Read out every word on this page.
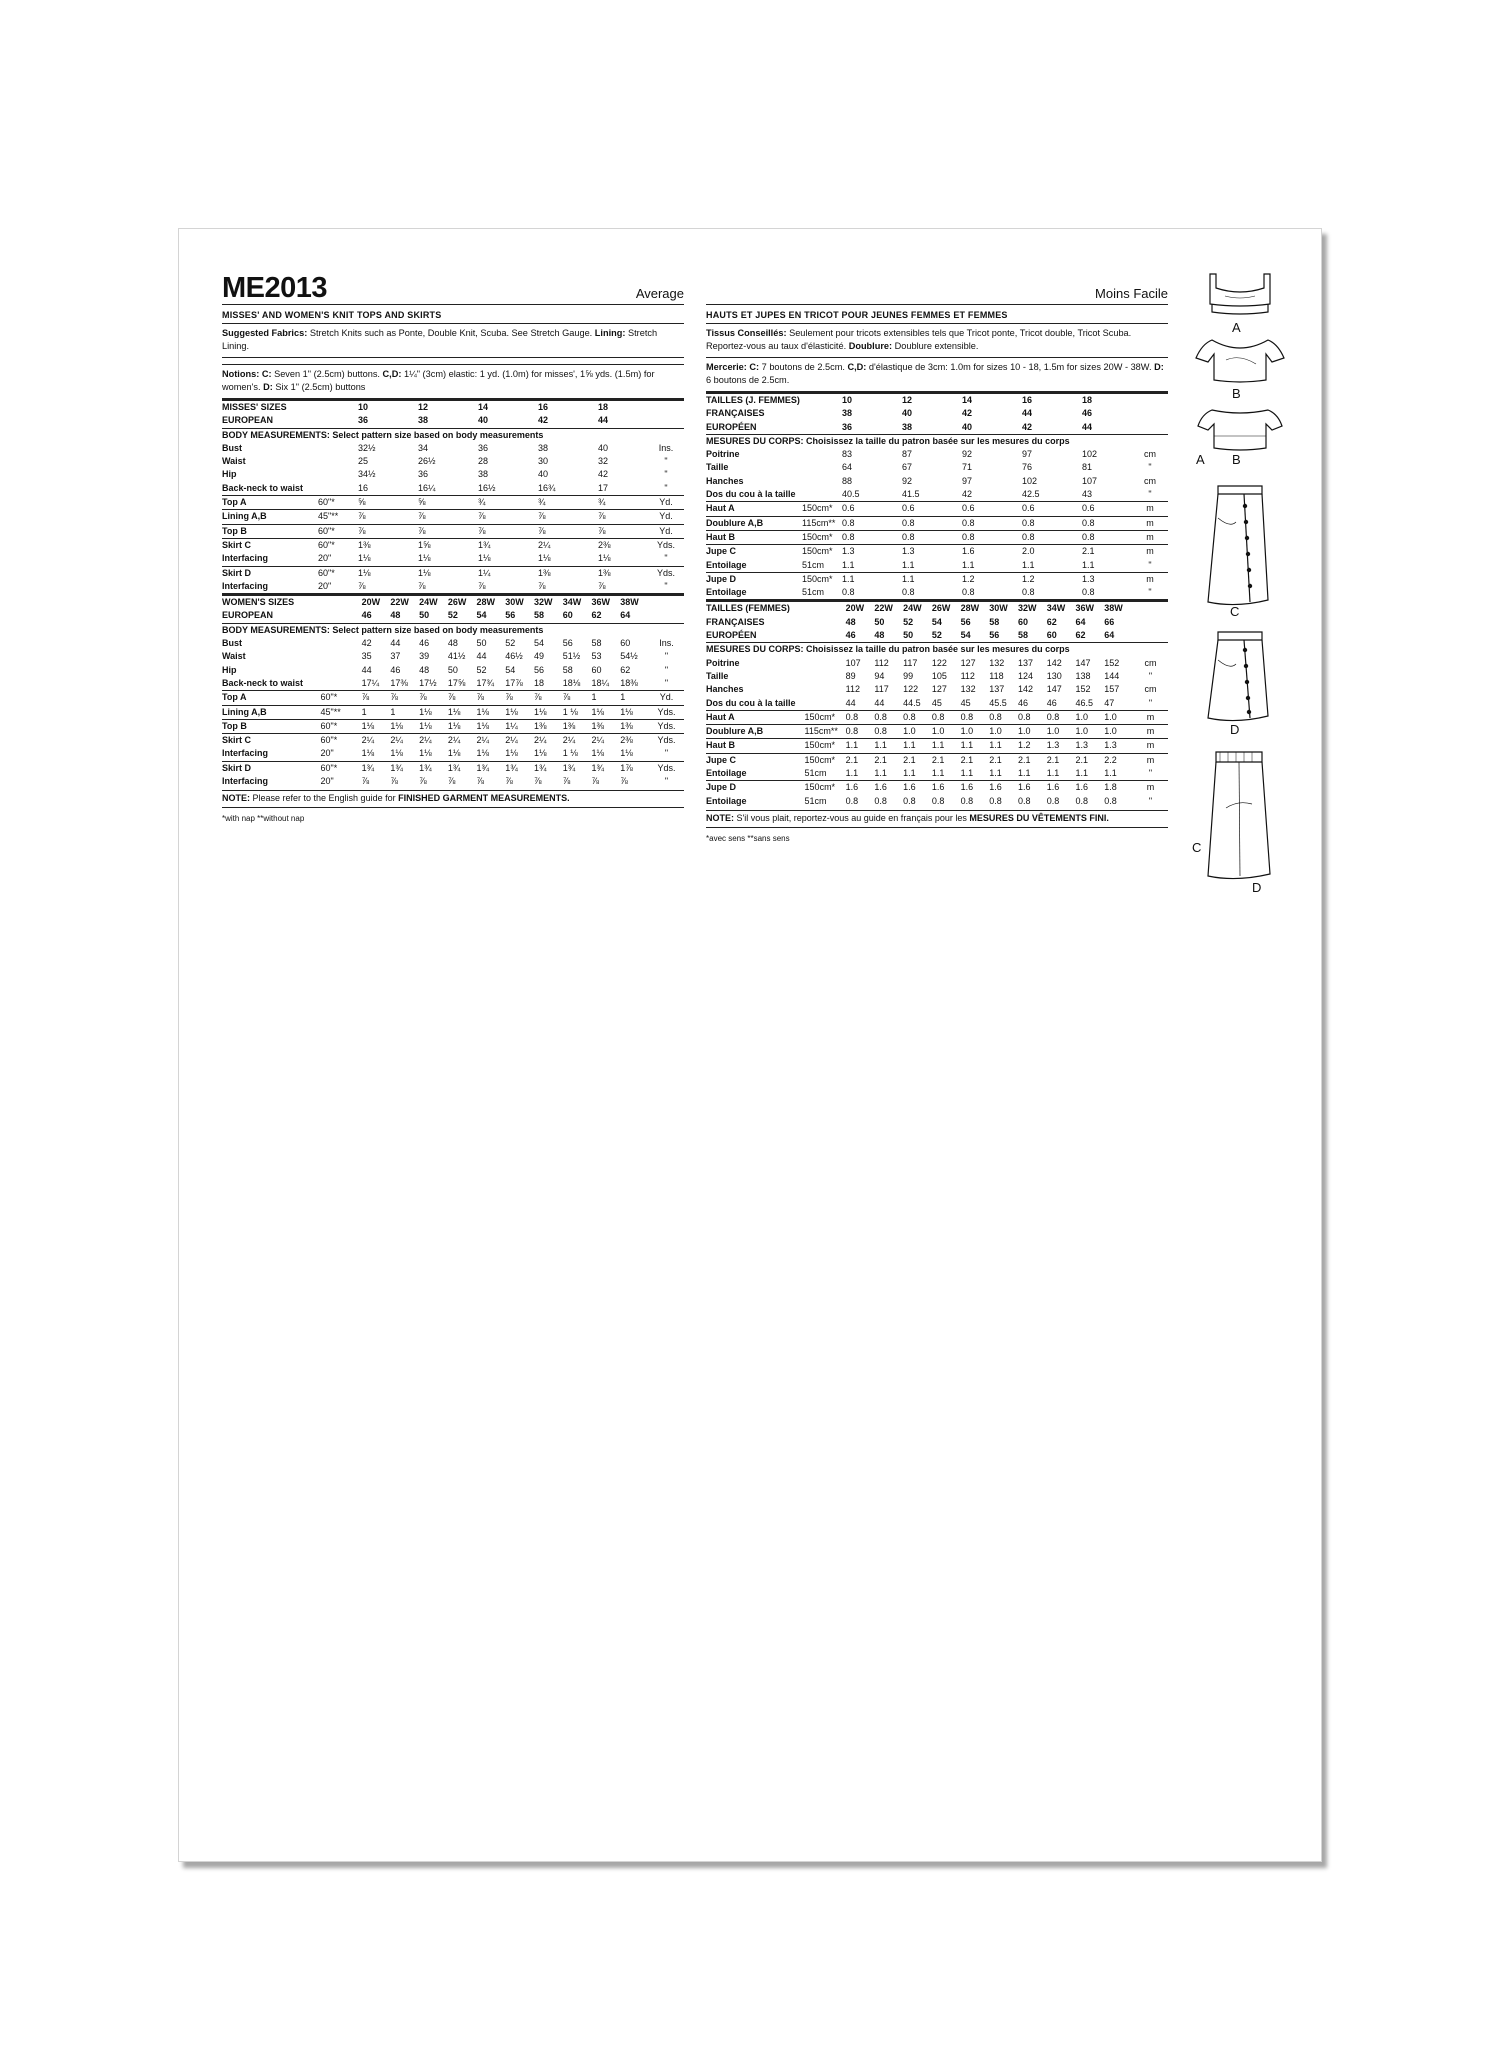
ME2013	Average
MISSES' AND WOMEN'S KNIT TOPS AND SKIRTS
Suggested Fabrics: Stretch Knits such as Ponte, Double Knit, Scuba. See Stretch Gauge. Lining: Stretch Lining.
Notions: C: Seven 1" (2.5cm) buttons. C,D: 1¼" (3cm) elastic: 1 yd. (1.0m) for misses', 1⅝ yds. (1.5m) for women's. D: Six 1" (2.5cm) buttons
MISSES' SIZES		10	12	14	16	18	
EUROPEAN		36	38	40	42	44	
BODY MEASUREMENTS: Select pattern size based on body measurements							
Bust		32½	34	36	38	40	Ins.
Waist		25	26½	28	30	32	"
Hip		34½	36	38	40	42	"
Back-neck to waist		16	16¼	16½	16¾	17	"
Top A	60"*	⅝	⅝	¾	¾	¾	Yd.
Lining A,B	45"**	⅞	⅞	⅞	⅞	⅞	Yd.
Top B	60"*	⅞	⅞	⅞	⅞	⅞	Yd.
Skirt C	60"*	1⅜	1⅝	1¾	2¼	2⅜	Yds.
Interfacing	20"	1⅛	1⅛	1⅛	1⅛	1⅛	"
Skirt D	60"*	1⅛	1⅛	1¼	1⅜	1⅜	Yds.
Interfacing	20"	⅞	⅞	⅞	⅞	⅞	"
WOMEN'S SIZES		20W	22W	24W	26W	28W	30W	32W	34W	36W	38W	
EUROPEAN		46	48	50	52	54	56	58	60	62	64	
BODY MEASUREMENTS: Select pattern size based on body measurements												
Bust		42	44	46	48	50	52	54	56	58	60	Ins.
Waist		35	37	39	41½	44	46½	49	51½	53	54½	"
Hip		44	46	48	50	52	54	56	58	60	62	"
Back-neck to waist		17¼	17⅜	17½	17⅝	17¾	17⅞	18	18⅛	18¼	18⅜	"
Top A	60"*	⅞	⅞	⅞	⅞	⅞	⅞	⅞	⅞	1	1	Yd.
Lining A,B	45"**	1	1	1⅛	1⅛	1⅛	1⅛	1⅛	1 ⅛	1⅛	1⅛	Yds.
Top B	60"*	1⅛	1⅛	1⅛	1⅛	1⅛	1¼	1⅜	1⅜	1⅜	1⅜	Yds.
Skirt C	60"*	2¼	2¼	2¼	2¼	2¼	2¼	2¼	2¼	2¼	2⅜	Yds.
Interfacing	20"	1⅛	1⅛	1⅛	1⅛	1⅛	1⅛	1⅛	1 ⅛	1⅛	1⅛	"
Skirt D	60"*	1¾	1¾	1¾	1¾	1¾	1¾	1¾	1¾	1¾	1⅞	Yds.
Interfacing	20"	⅞	⅞	⅞	⅞	⅞	⅞	⅞	⅞	⅞	⅞	"
NOTE: Please refer to the English guide for FINISHED GARMENT MEASUREMENTS.
*with nap **without nap
Moins Facile
HAUTS ET JUPES EN TRICOT POUR JEUNES FEMMES ET FEMMES
Tissus Conseillés: Seulement pour tricots extensibles tels que Tricot ponte, Tricot double, Tricot Scuba. Reportez-vous au taux d'élasticité. Doublure: Doublure extensible.
Mercerie: C: 7 boutons de 2.5cm. C,D: d'élastique de 3cm: 1.0m for sizes 10 - 18, 1.5m for sizes 20W - 38W. D: 6 boutons de 2.5cm.
TAILLES (J. FEMMES)		10	12	14	16	18	
FRANÇAISES		38	40	42	44	46	
EUROPÉEN		36	38	40	42	44	
MESURES DU CORPS: Choisissez la taille du patron basée sur les mesures du corps							
Poitrine		83	87	92	97	102	cm
Taille		64	67	71	76	81	"
Hanches		88	92	97	102	107	cm
Dos du cou à la taille		40.5	41.5	42	42.5	43	"
Haut A	150cm*	0.6	0.6	0.6	0.6	0.6	m
Doublure A,B	115cm**	0.8	0.8	0.8	0.8	0.8	m
Haut B	150cm*	0.8	0.8	0.8	0.8	0.8	m
Jupe C	150cm*	1.3	1.3	1.6	2.0	2.1	m
Entoilage	51cm	1.1	1.1	1.1	1.1	1.1	"
Jupe D	150cm*	1.1	1.1	1.2	1.2	1.3	m
Entoilage	51cm	0.8	0.8	0.8	0.8	0.8	"
TAILLES (FEMMES)		20W	22W	24W	26W	28W	30W	32W	34W	36W	38W	
FRANÇAISES		48	50	52	54	56	58	60	62	64	66	
EUROPÉEN		46	48	50	52	54	56	58	60	62	64	
MESURES DU CORPS: Choisissez la taille du patron basée sur les mesures du corps												
Poitrine		107	112	117	122	127	132	137	142	147	152	cm
Taille		89	94	99	105	112	118	124	130	138	144	"
Hanches		112	117	122	127	132	137	142	147	152	157	cm
Dos du cou à la taille		44	44	44.5	45	45	45.5	46	46	46.5	47	"
Haut A	150cm*	0.8	0.8	0.8	0.8	0.8	0.8	0.8	0.8	1.0	1.0	m
Doublure A,B	115cm**	0.8	0.8	1.0	1.0	1.0	1.0	1.0	1.0	1.0	1.0	m
Haut B	150cm*	1.1	1.1	1.1	1.1	1.1	1.1	1.2	1.3	1.3	1.3	m
Jupe C	150cm*	2.1	2.1	2.1	2.1	2.1	2.1	2.1	2.1	2.1	2.2	m
Entoilage	51cm	1.1	1.1	1.1	1.1	1.1	1.1	1.1	1.1	1.1	1.1	"
Jupe D	150cm*	1.6	1.6	1.6	1.6	1.6	1.6	1.6	1.6	1.6	1.8	m
Entoilage	51cm	0.8	0.8	0.8	0.8	0.8	0.8	0.8	0.8	0.8	0.8	"
NOTE: S'il vous plait, reportez-vous au guide en français pour les MESURES DU VÊTEMENTS FINI.
*avec sens **sans sens
A
B
A B
C
D
C
D
